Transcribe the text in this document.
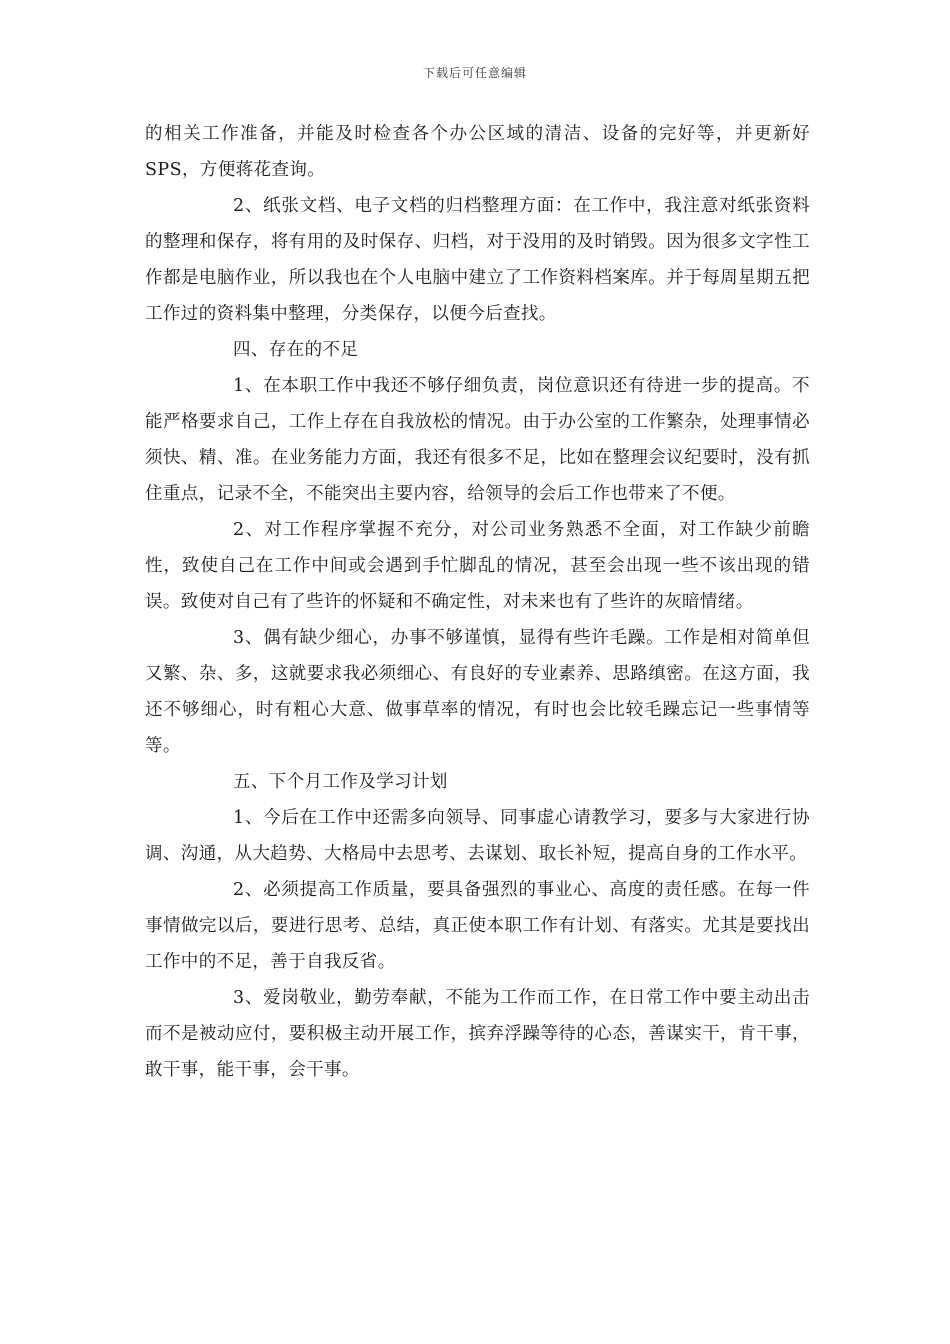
下载后可任意编辑

的相关工作准备，并能及时检查各个办公区域的清洁、设备的完好等，并更新好SPS，方便蒋花查询。

2、纸张文档、电子文档的归档整理方面：在工作中，我注意对纸张资料的整理和保存，将有用的及时保存、归档，对于没用的及时销毁。因为很多文字性工作都是电脑作业，所以我也在个人电脑中建立了工作资料档案库。并于每周星期五把工作过的资料集中整理，分类保存，以便今后查找。

四、存在的不足

1、在本职工作中我还不够仔细负责，岗位意识还有待进一步的提高。不能严格要求自己，工作上存在自我放松的情况。由于办公室的工作繁杂，处理事情必须快、精、准。在业务能力方面，我还有很多不足，比如在整理会议纪要时，没有抓住重点，记录不全，不能突出主要内容，给领导的会后工作也带来了不便。

2、对工作程序掌握不充分，对公司业务熟悉不全面，对工作缺少前瞻性，致使自己在工作中间或会遇到手忙脚乱的情况，甚至会出现一些不该出现的错误。致使对自己有了些许的怀疑和不确定性，对未来也有了些许的灰暗情绪。

3、偶有缺少细心，办事不够谨慎，显得有些许毛躁。工作是相对简单但又繁、杂、多，这就要求我必须细心、有良好的专业素养、思路缜密。在这方面，我还不够细心，时有粗心大意、做事草率的情况，有时也会比较毛躁忘记一些事情等等。

五、下个月工作及学习计划

1、今后在工作中还需多向领导、同事虚心请教学习，要多与大家进行协调、沟通，从大趋势、大格局中去思考、去谋划、取长补短，提高自身的工作水平。

2、必须提高工作质量，要具备强烈的事业心、高度的责任感。在每一件事情做完以后，要进行思考、总结，真正使本职工作有计划、有落实。尤其是要找出工作中的不足，善于自我反省。

3、爱岗敬业，勤劳奉献，不能为工作而工作，在日常工作中要主动出击而不是被动应付，要积极主动开展工作，摈弃浮躁等待的心态，善谋实干，肯干事，敢干事，能干事，会干事。
